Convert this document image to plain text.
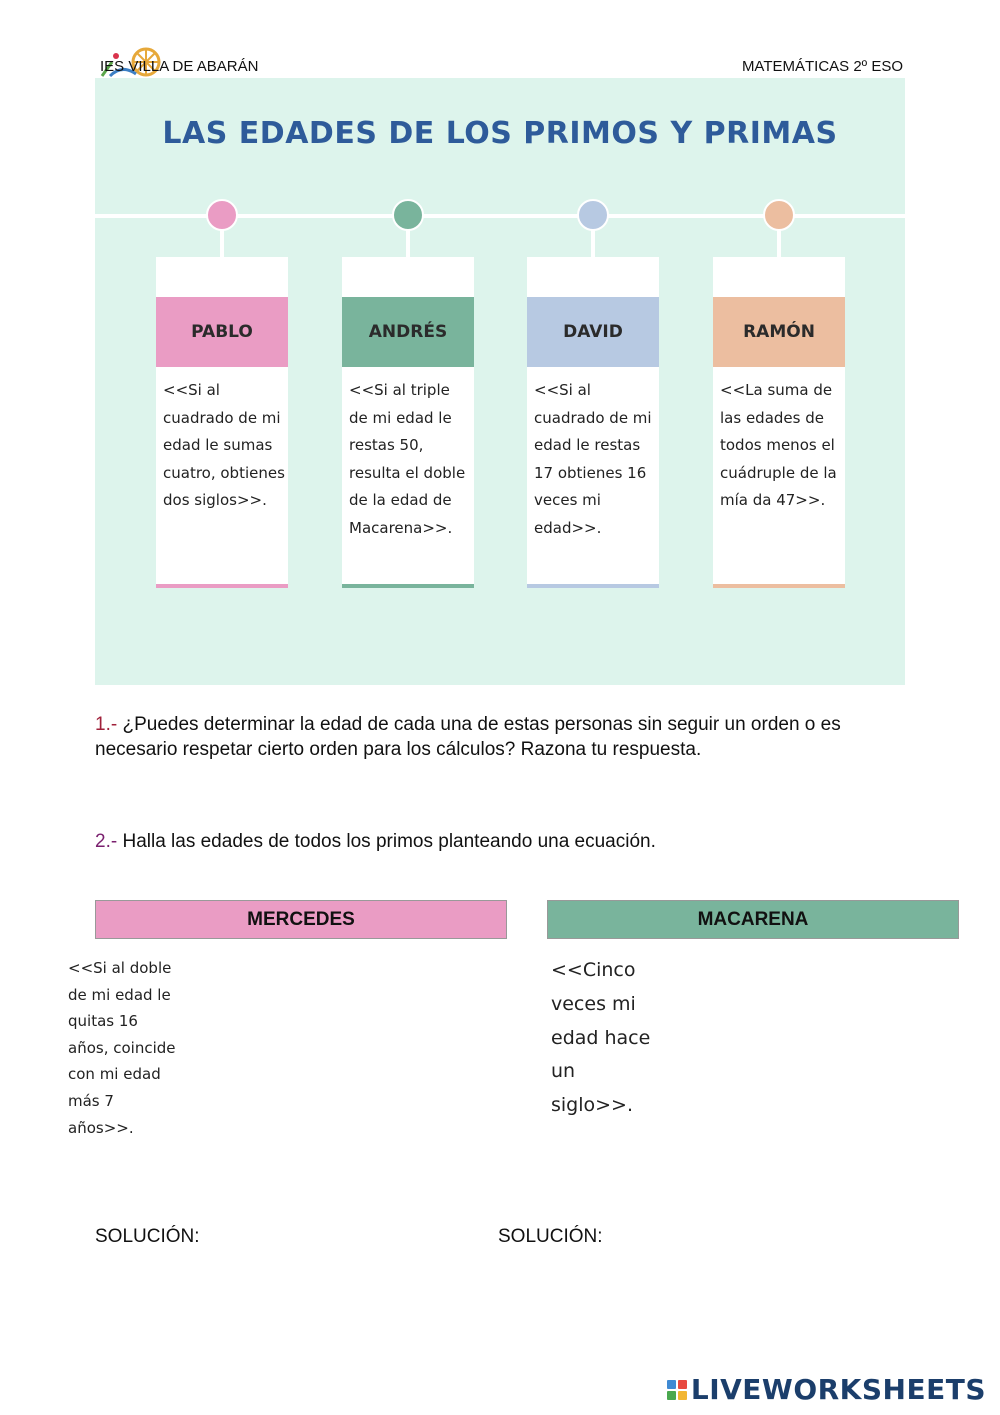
IES VILLA DE ABARÁN	MATEMÁTICAS 2º ESO
LAS EDADES DE LOS PRIMOS Y PRIMAS
PABLO
<<Si al cuadrado de mi edad le sumas cuatro, obtienes dos siglos>>.
ANDRÉS
<<Si al triple de mi edad le restas 50, resulta el doble de la edad de Macarena>>.
DAVID
<<Si al cuadrado de mi edad le restas 17 obtienes 16 veces mi edad>>.
RAMÓN
<<La suma de las edades de todos menos el cuádruple de la mía da 47>>.
1.- ¿Puedes determinar la edad de cada una de estas personas sin seguir un orden o es necesario respetar cierto orden para los cálculos? Razona tu respuesta.
2.- Halla las edades de todos los primos planteando una ecuación.
MERCEDES	MACARENA
<<Si al doble de mi edad le quitas 16 años, coincide con mi edad más 7 años>>.
<<Cinco veces mi edad hace un siglo>>.
SOLUCIÓN:	SOLUCIÓN:
LIVEWORKSHEETS
